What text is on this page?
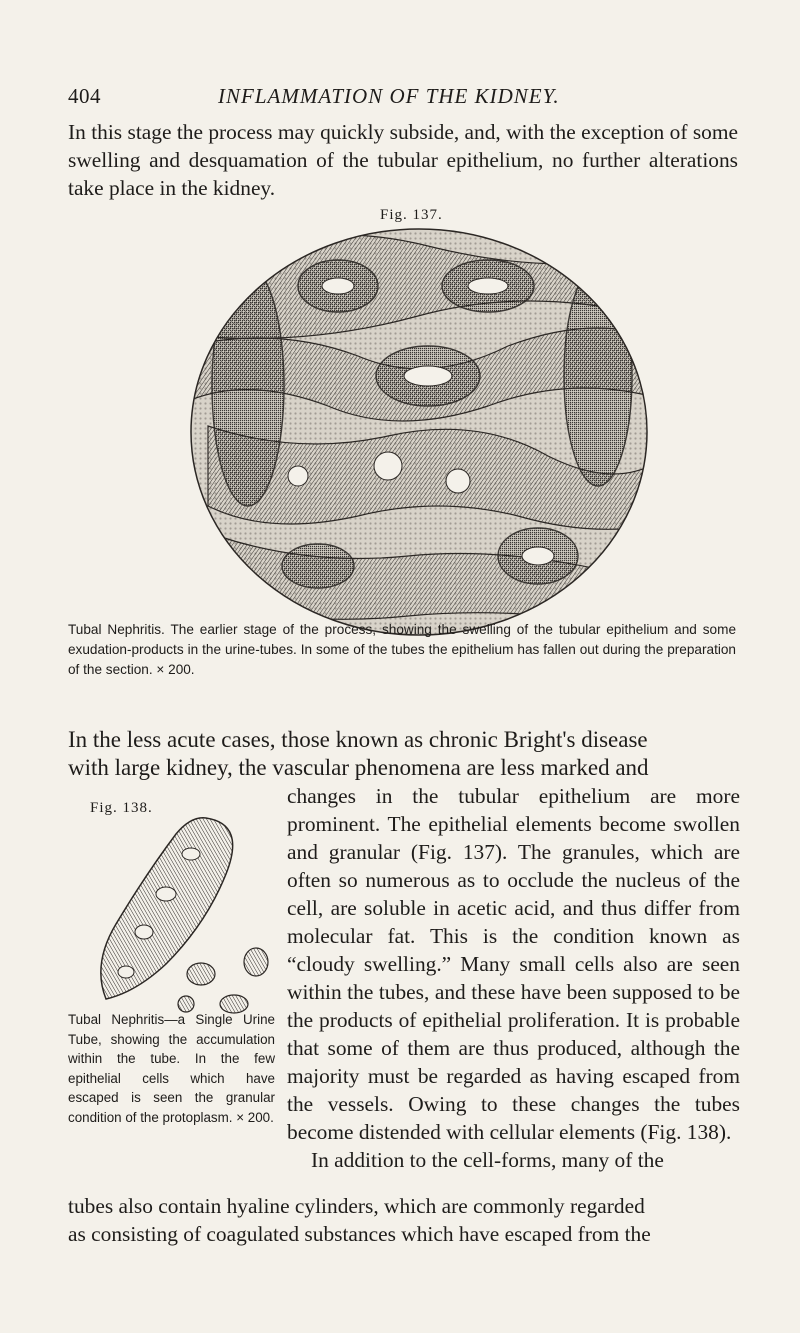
404	INFLAMMATION OF THE KIDNEY.
In this stage the process may quickly subside, and, with the exception of some swelling and desquamation of the tubular epithelium, no further alterations take place in the kidney.
Fig. 137.
Tubal Nephritis. The earlier stage of the process, showing the swelling of the tubular epithelium and some exudation-products in the urine-tubes. In some of the tubes the epithelium has fallen out during the preparation of the section. × 200.
In the less acute cases, those known as chronic Bright's disease
with large kidney, the vascular phenomena are less marked and
Fig. 138.
Tubal Nephritis—a Single Urine Tube, showing the accumulation within the tube. In the few epithelial cells which have escaped is seen the granular condition of the protoplasm. × 200.

changes in the tubular epithelium are more prominent. The epithelial elements become swollen and granular (Fig. 137). The granules, which are often so numerous as to occlude the nucleus of the cell, are soluble in acetic acid, and thus differ from molecular fat. This is the condition known as “cloudy swelling.” Many small cells also are seen within the tubes, and these have been supposed to be the products of epithelial proliferation. It is probable that some of them are thus produced, although the majority must be regarded as having escaped from the vessels. Owing to these changes the tubes become distended with cellular elements (Fig. 138).

In addition to the cell-forms, many of the

tubes also contain hyaline cylinders, which are commonly regarded
as consisting of coagulated substances which have escaped from the
